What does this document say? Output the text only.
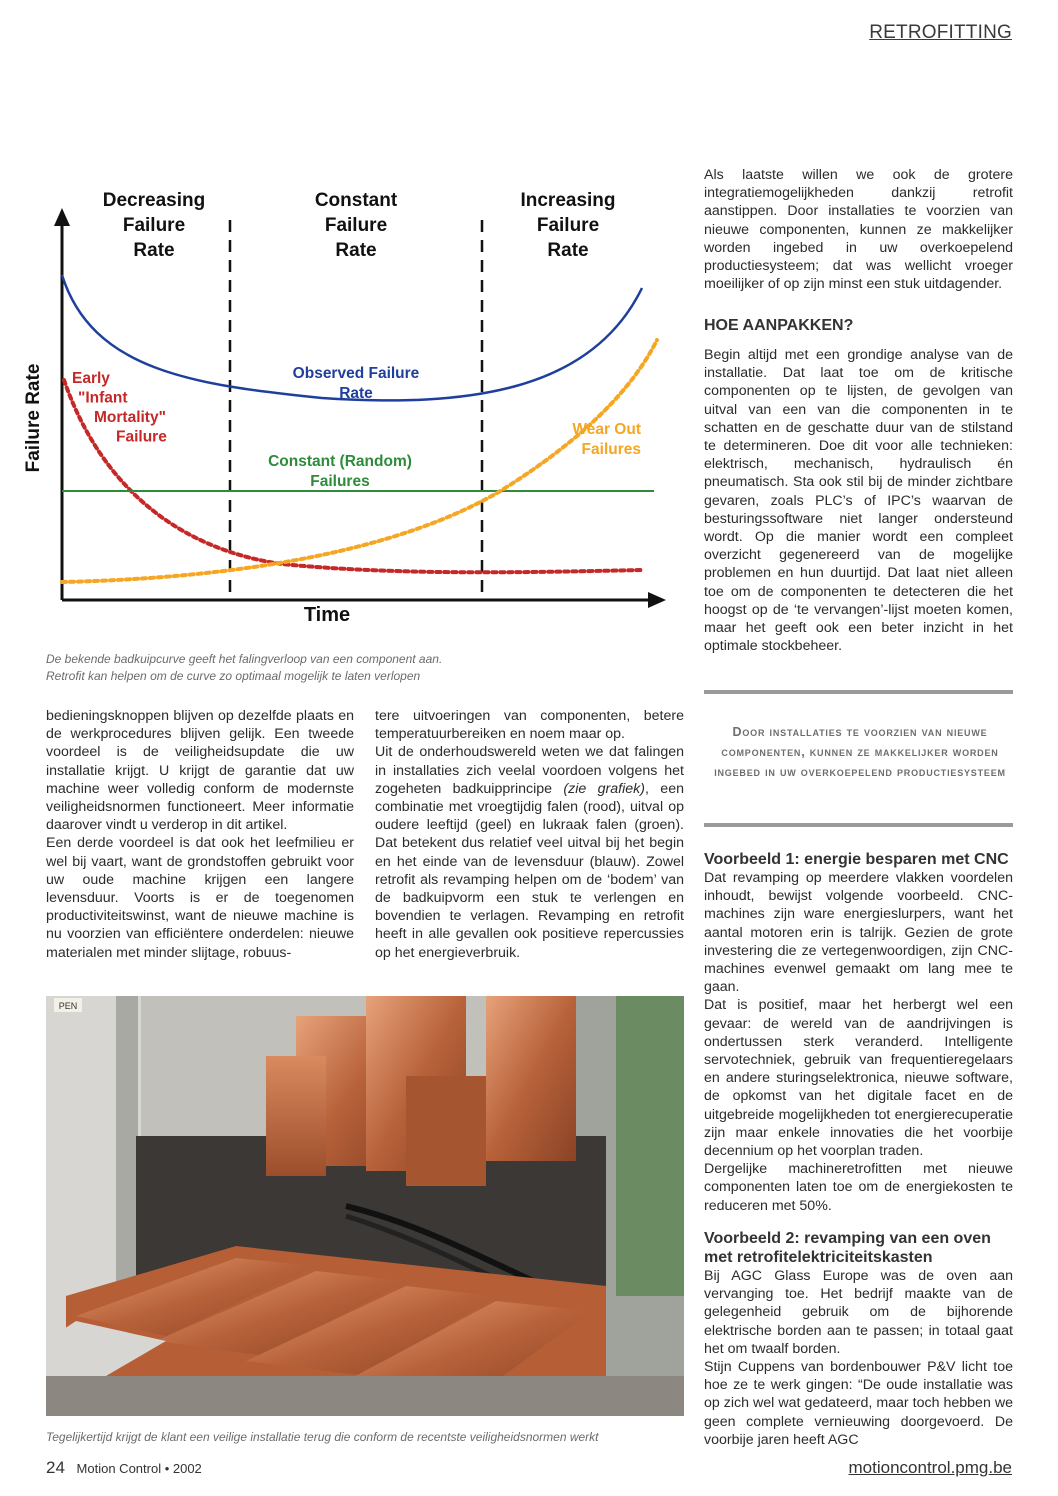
RETROFITTING
Decreasing
Failure
Rate
Constant
Failure
Rate
Increasing
Failure
Rate
Time
Failure Rate	Observed Failure
Rate
Early
"Infant
Mortality"
Failure
Constant (Random)
Failures
Wear Out
Failures
De bekende badkuipcurve geeft het falingverloop van een component aan.
Retrofit kan helpen om de curve zo optimaal mogelijk te laten verlopen

bedieningsknoppen blijven op dezelfde plaats en de werkprocedures blijven gelijk. Een tweede voordeel is de veiligheidsupdate die uw installatie krijgt. U krijgt de garantie dat uw machine weer volledig conform de modernste veiligheidsnormen functioneert. Meer informatie daarover vindt u verderop in dit artikel.

Een derde voordeel is dat ook het leefmilieu er wel bij vaart, want de grondstoffen gebruikt voor uw oude machine krijgen een langere levensduur. Voorts is er de toegenomen productiviteitswinst, want de nieuwe machine is nu voorzien van efficiëntere onderdelen: nieuwe materialen met minder slijtage, robuus-

tere uitvoeringen van componenten, betere temperatuurbereiken en noem maar op.

Uit de onderhoudswereld weten we dat falingen in installaties zich veelal voordoen volgens het zogeheten badkuipprincipe (zie grafiek), een combinatie met vroegtijdig falen (rood), uitval op oudere leeftijd (geel) en lukraak falen (groen). Dat betekent dus relatief veel uitval bij het begin en het einde van de levensduur (blauw). Zowel retrofit als revamping helpen om de ‘bodem’ van de badkuipvorm een stuk te verlengen en bovendien te verlagen. Revamping en retrofit heeft in alle gevallen ook positieve repercussies op het energieverbruik.

Als laatste willen we ook de grotere integratiemogelijkheden dankzij retrofit aanstippen. Door installaties te voorzien van nieuwe componenten, kunnen ze makkelijker worden ingebed in uw overkoepelend productiesysteem; dat was wellicht vroeger moeilijker of op zijn minst een stuk uitdagender.

HOE AANPAKKEN?

Begin altijd met een grondige analyse van de installatie. Dat laat toe om de kritische componenten op te lijsten, de gevolgen van uitval van een van die componenten in te schatten en de geschatte duur van de stilstand te determineren. Doe dit voor alle technieken: elektrisch, mechanisch, hydraulisch én pneumatisch. Sta ook stil bij de minder zichtbare gevaren, zoals PLC’s of IPC’s waarvan de besturingssoftware niet langer ondersteund wordt. Op die manier wordt een compleet overzicht gegenereerd van de mogelijke problemen en hun duurtijd. Dat laat niet alleen toe om de componenten te detecteren die het hoogst op de ‘te vervangen’-lijst moeten komen, maar het geeft ook een beter inzicht in het optimale stockbeheer.

Door installaties te voorzien van nieuwe componenten, kunnen ze makkelijker worden ingebed in uw overkoepelend productiesysteem
Voorbeeld 1: energie besparen met CNC

Dat revamping op meerdere vlakken voordelen inhoudt, bewijst volgende voorbeeld. CNC-machines zijn ware energieslurpers, want het aantal motoren erin is talrijk. Gezien de grote investering die ze vertegenwoordigen, zijn CNC-machines evenwel gemaakt om lang mee te gaan.

Dat is positief, maar het herbergt wel een gevaar: de wereld van de aandrijvingen is ondertussen sterk veranderd. Intelligente servotechniek, gebruik van frequentieregelaars en andere sturingselektronica, nieuwe software, de opkomst van het digitale facet en de uitgebreide mogelijkheden tot energierecuperatie zijn maar enkele innovaties die het voorbije decennium op het voorplan traden.

Dergelijke machineretrofitten met nieuwe componenten laten toe om de energiekosten te reduceren met 50%.

Voorbeeld 2: revamping van een oven met retrofitelektriciteitskasten

Bij AGC Glass Europe was de oven aan vervanging toe. Het bedrijf maakte van de gelegenheid gebruik om de bijhorende elektrische borden aan te passen; in totaal gaat het om twaalf borden.

Stijn Cuppens van bordenbouwer P&V licht toe hoe ze te werk gingen: “De oude installatie was op zich wel wat gedateerd, maar toch hebben we geen complete vernieuwing doorgevoerd. De voorbije jaren heeft AGC

PEN
Tegelijkertijd krijgt de klant een veilige installatie terug die conform de recentste veiligheidsnormen werkt
24 Motion Control • 2002	motioncontrol.pmg.be
